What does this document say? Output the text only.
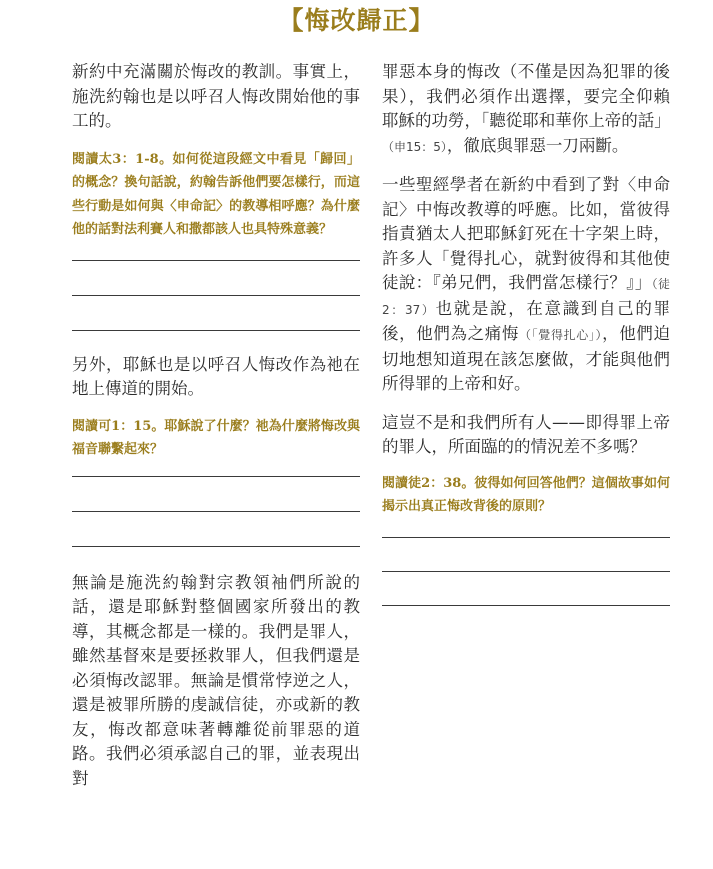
【悔改歸正】

新約中充滿關於悔改的教訓。事實上，施洗約翰也是以呼召人悔改開始他的事工的。

閱讀太3：1-8。如何從這段經文中看見「歸回」的概念？換句話說，約翰告訴他們要怎樣行，而這些行動是如何與〈申命記〉的教導相呼應？為什麼他的話對法利賽人和撒都該人也具特殊意義？

另外，耶穌也是以呼召人悔改作為祂在地上傳道的開始。

閱讀可1：15。耶穌說了什麼？祂為什麼將悔改與福音聯繫起來？

無論是施洗約翰對宗教領袖們所說的話，還是耶穌對整個國家所發出的教導，其概念都是一樣的。我們是罪人，雖然基督來是要拯救罪人，但我們還是必須悔改認罪。無論是慣常悖逆之人，還是被罪所勝的虔誠信徒，亦或新的教友，悔改都意味著轉離從前罪惡的道路。我們必須承認自己的罪，並表現出對

罪惡本身的悔改（不僅是因為犯罪的後果），我們必須作出選擇，要完全仰賴耶穌的功勞，「聽從耶和華你上帝的話」（申15：5），徹底與罪惡一刀兩斷。

一些聖經學者在新約中看到了對〈申命記〉中悔改教導的呼應。比如，當彼得指責猶太人把耶穌釘死在十字架上時，許多人「覺得扎心，就對彼得和其他使徒說：『弟兄們，我們當怎樣行？』」（徒2：37）也就是說，在意識到自己的罪後，他們為之痛悔（「覺得扎心」），他們迫切地想知道現在該怎麼做，才能與他們所得罪的上帝和好。

這豈不是和我們所有人——即得罪上帝的罪人，所面臨的的情況差不多嗎？

閱讀徒2：38。彼得如何回答他們？這個故事如何揭示出真正悔改背後的原則？
